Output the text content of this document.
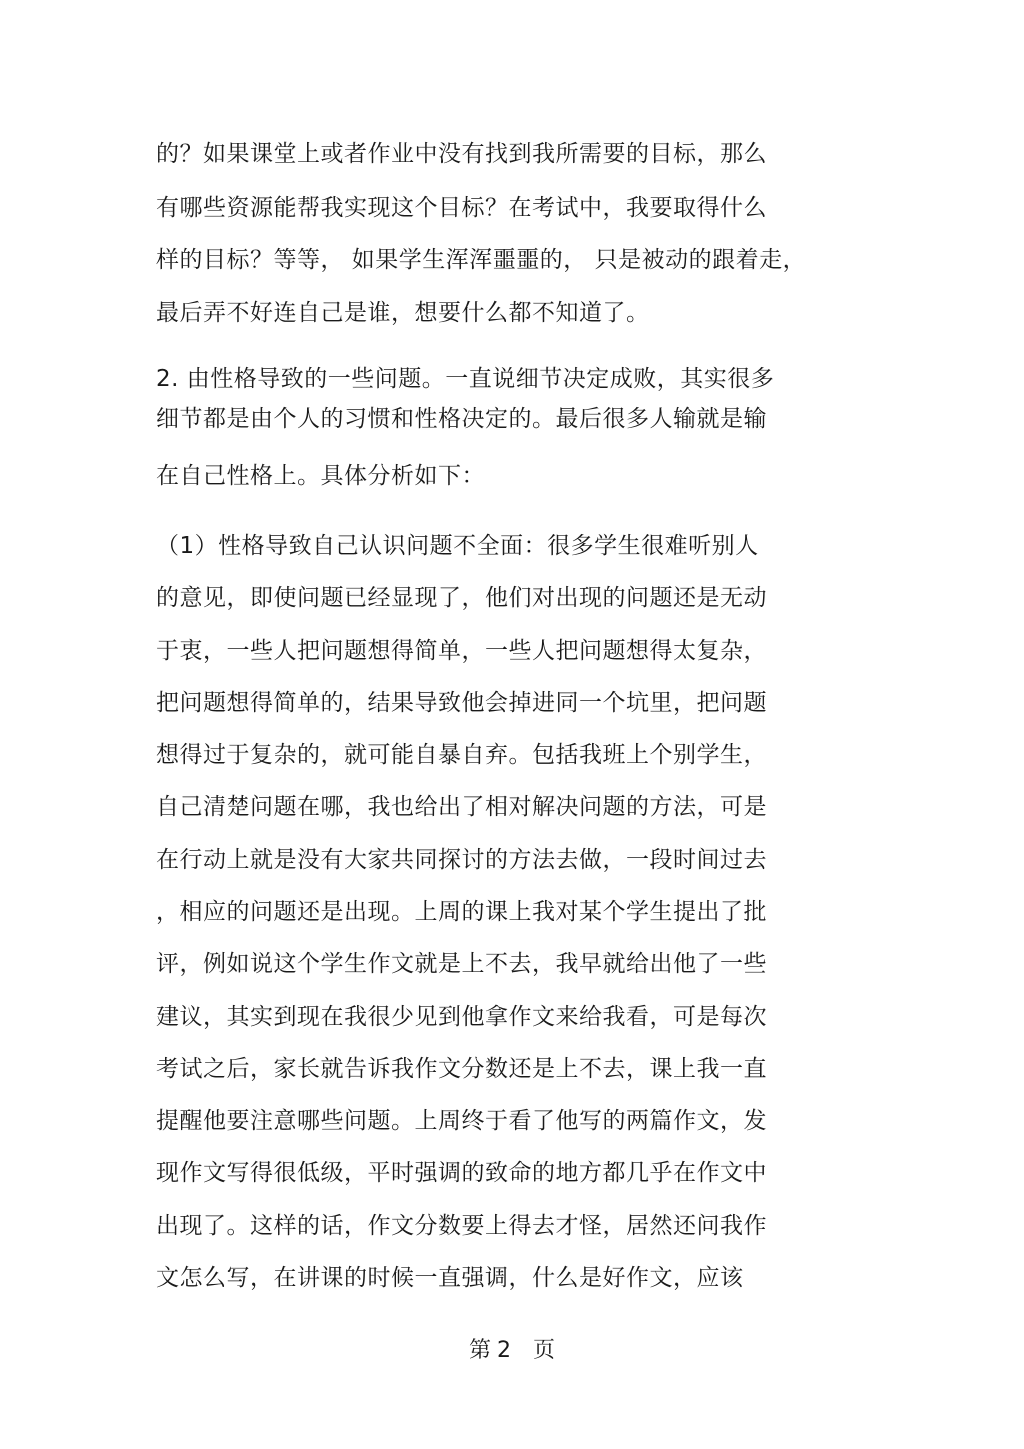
的？如果课堂上或者作业中没有找到我所需要的目标，那么
有哪些资源能帮我实现这个目标？在考试中，我要取得什么
样的目标？等等， 如果学生浑浑噩噩的， 只是被动的跟着走，
最后弄不好连自己是谁，想要什么都不知道了。
2. 由性格导致的一些问题。一直说细节决定成败，其实很多
细节都是由个人的习惯和性格决定的。最后很多人输就是输
在自己性格上。具体分析如下：
（1）性格导致自己认识问题不全面：很多学生很难听别人
的意见，即使问题已经显现了，他们对出现的问题还是无动
于衷，一些人把问题想得简单，一些人把问题想得太复杂，
把问题想得简单的，结果导致他会掉进同一个坑里，把问题
想得过于复杂的，就可能自暴自弃。包括我班上个别学生，
自己清楚问题在哪，我也给出了相对解决问题的方法，可是
在行动上就是没有大家共同探讨的方法去做，一段时间过去
，相应的问题还是出现。上周的课上我对某个学生提出了批
评，例如说这个学生作文就是上不去，我早就给出他了一些
建议，其实到现在我很少见到他拿作文来给我看，可是每次
考试之后，家长就告诉我作文分数还是上不去，课上我一直
提醒他要注意哪些问题。上周终于看了他写的两篇作文，发
现作文写得很低级，平时强调的致命的地方都几乎在作文中
出现了。这样的话，作文分数要上得去才怪，居然还问我作
文怎么写，在讲课的时候一直强调，什么是好作文，应该
第 2 页
